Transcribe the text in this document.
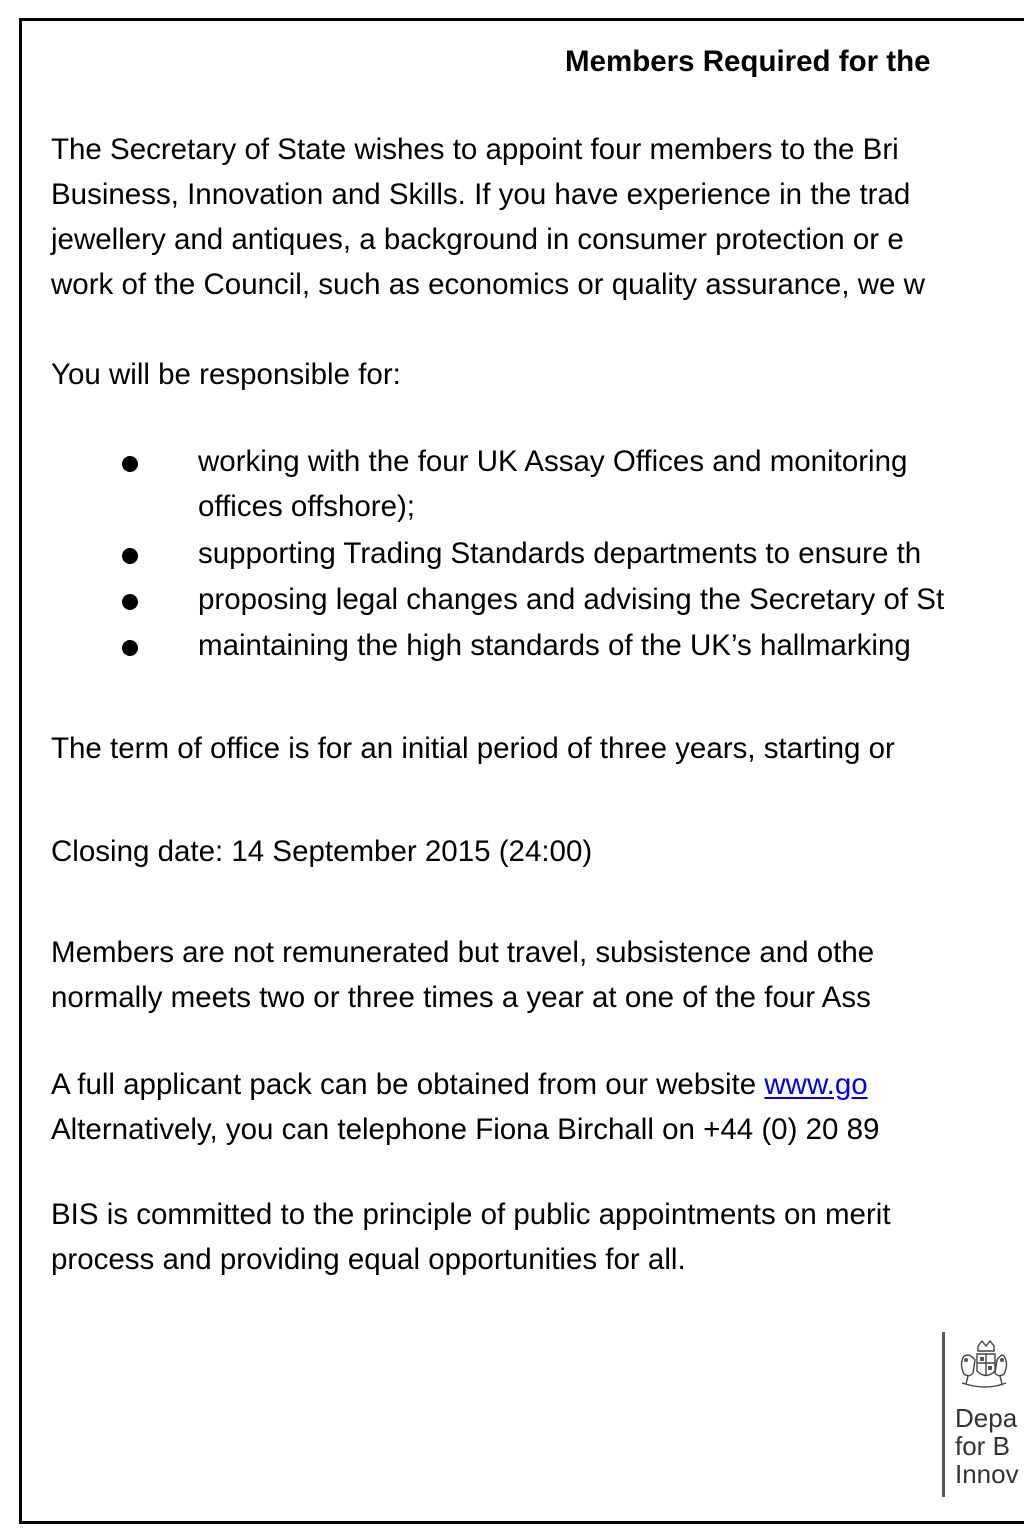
Members Required for the

The Secretary of State wishes to appoint four members to the Bri

Business, Innovation and Skills. If you have experience in the trad

jewellery and antiques, a background in consumer protection or e

work of the Council, such as economics or quality assurance, we w

You will be responsible for:

working with the four UK Assay Offices and monitoring

offices offshore);

supporting Trading Standards departments to ensure th

proposing legal changes and advising the Secretary of St

maintaining the high standards of the UK’s hallmarking

The term of office is for an initial period of three years, starting or

Closing date: 14 September 2015 (24:00)

Members are not remunerated but travel, subsistence and othe

normally meets two or three times a year at one of the four Ass

A full applicant pack can be obtained from our website www.go

Alternatively, you can telephone Fiona Birchall on +44 (0) 20 89

BIS is committed to the principle of public appointments on merit

process and providing equal opportunities for all.

Depa
for B
Innov
